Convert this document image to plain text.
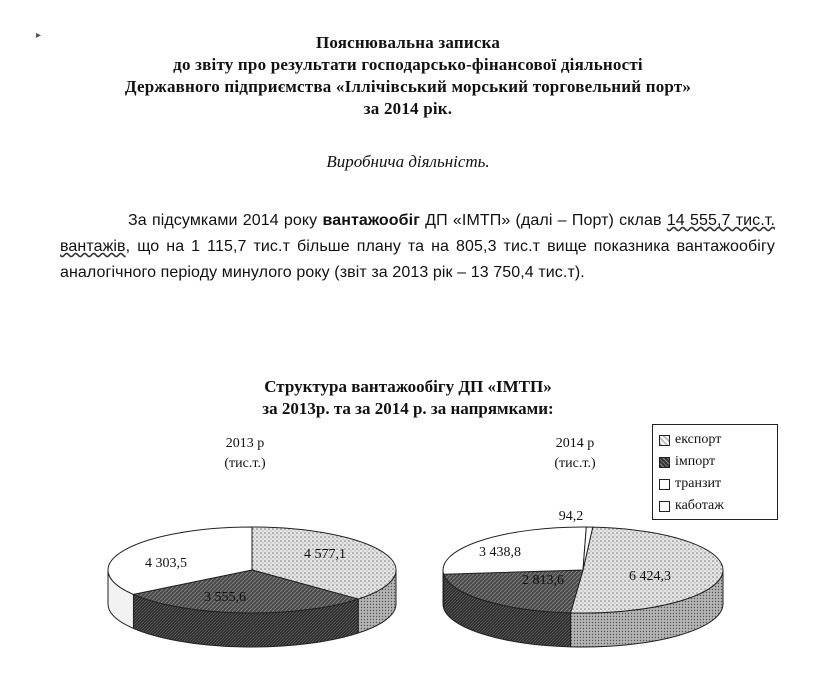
Пояснювальна записка
до звіту про результати господарсько-фінансової діяльності
Державного підприємства «Іллічівський морський торговельний порт»
за 2014 рік.
Виробнича діяльність.
За підсумками 2014 року вантажообіг ДП «ІМТП» (далі – Порт) склав 14 555,7 тис.т. вантажів, що на 1 115,7 тис.т більше плану та на 805,3 тис.т вище показника вантажообігу аналогічного періоду минулого року (звіт за 2013 рік – 13 750,4 тис.т).
Структура вантажообігу ДП «ІМТП»
за 2013р. та за 2014 р. за напрямками:
2013 р
(тис.т.)
2014 р
(тис.т.)
експорт
імпорт
транзит
каботаж
4 577,1
3 555,6
4 303,5
6 424,3
2 813,6
3 438,8
94,2
▸
